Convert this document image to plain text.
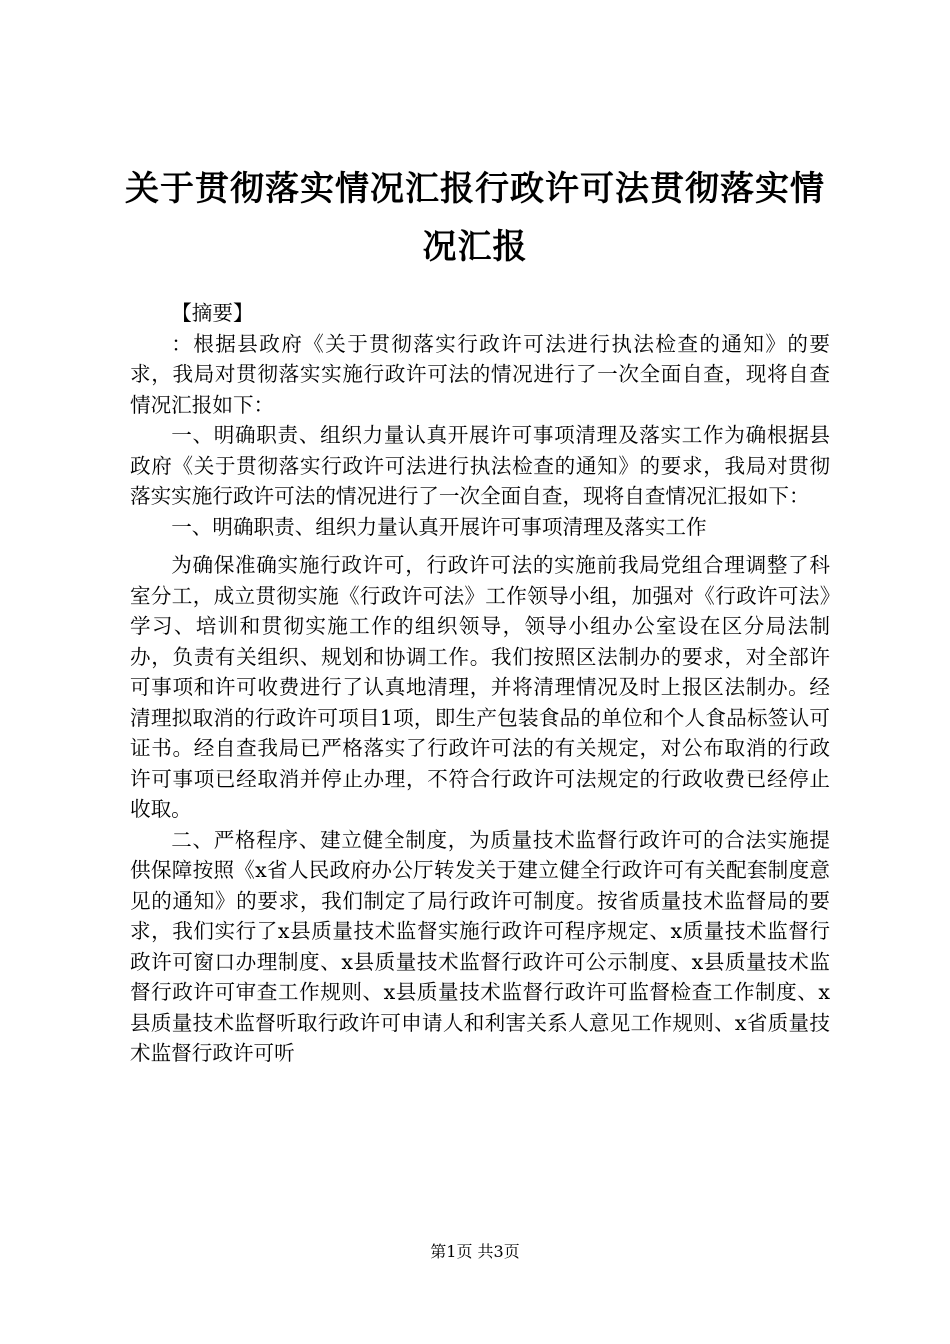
关于贯彻落实情况汇报行政许可法贯彻落实情况汇报

【摘要】

：根据县政府《关于贯彻落实行政许可法进行执法检查的通知》的要求，我局对贯彻落实实施行政许可法的情况进行了一次全面自查，现将自查情况汇报如下：

一、明确职责、组织力量认真开展许可事项清理及落实工作为确根据县政府《关于贯彻落实行政许可法进行执法检查的通知》的要求，我局对贯彻落实实施行政许可法的情况进行了一次全面自查，现将自查情况汇报如下：

一、明确职责、组织力量认真开展许可事项清理及落实工作

为确保准确实施行政许可，行政许可法的实施前我局党组合理调整了科室分工，成立贯彻实施《行政许可法》工作领导小组，加强对《行政许可法》学习、培训和贯彻实施工作的组织领导，领导小组办公室设在区分局法制办，负责有关组织、规划和协调工作。我们按照区法制办的要求，对全部许可事项和许可收费进行了认真地清理，并将清理情况及时上报区法制办。经清理拟取消的行政许可项目1项，即生产包装食品的单位和个人食品标签认可证书。经自查我局已严格落实了行政许可法的有关规定，对公布取消的行政许可事项已经取消并停止办理，不符合行政许可法规定的行政收费已经停止收取。

二、严格程序、建立健全制度，为质量技术监督行政许可的合法实施提供保障按照《x省人民政府办公厅转发关于建立健全行政许可有关配套制度意见的通知》的要求，我们制定了局行政许可制度。按省质量技术监督局的要求，我们实行了x县质量技术监督实施行政许可程序规定、x质量技术监督行政许可窗口办理制度、x县质量技术监督行政许可公示制度、x县质量技术监督行政许可审查工作规则、x县质量技术监督行政许可监督检查工作制度、x县质量技术监督听取行政许可申请人和利害关系人意见工作规则、x省质量技术监督行政许可听

第1页 共3页
